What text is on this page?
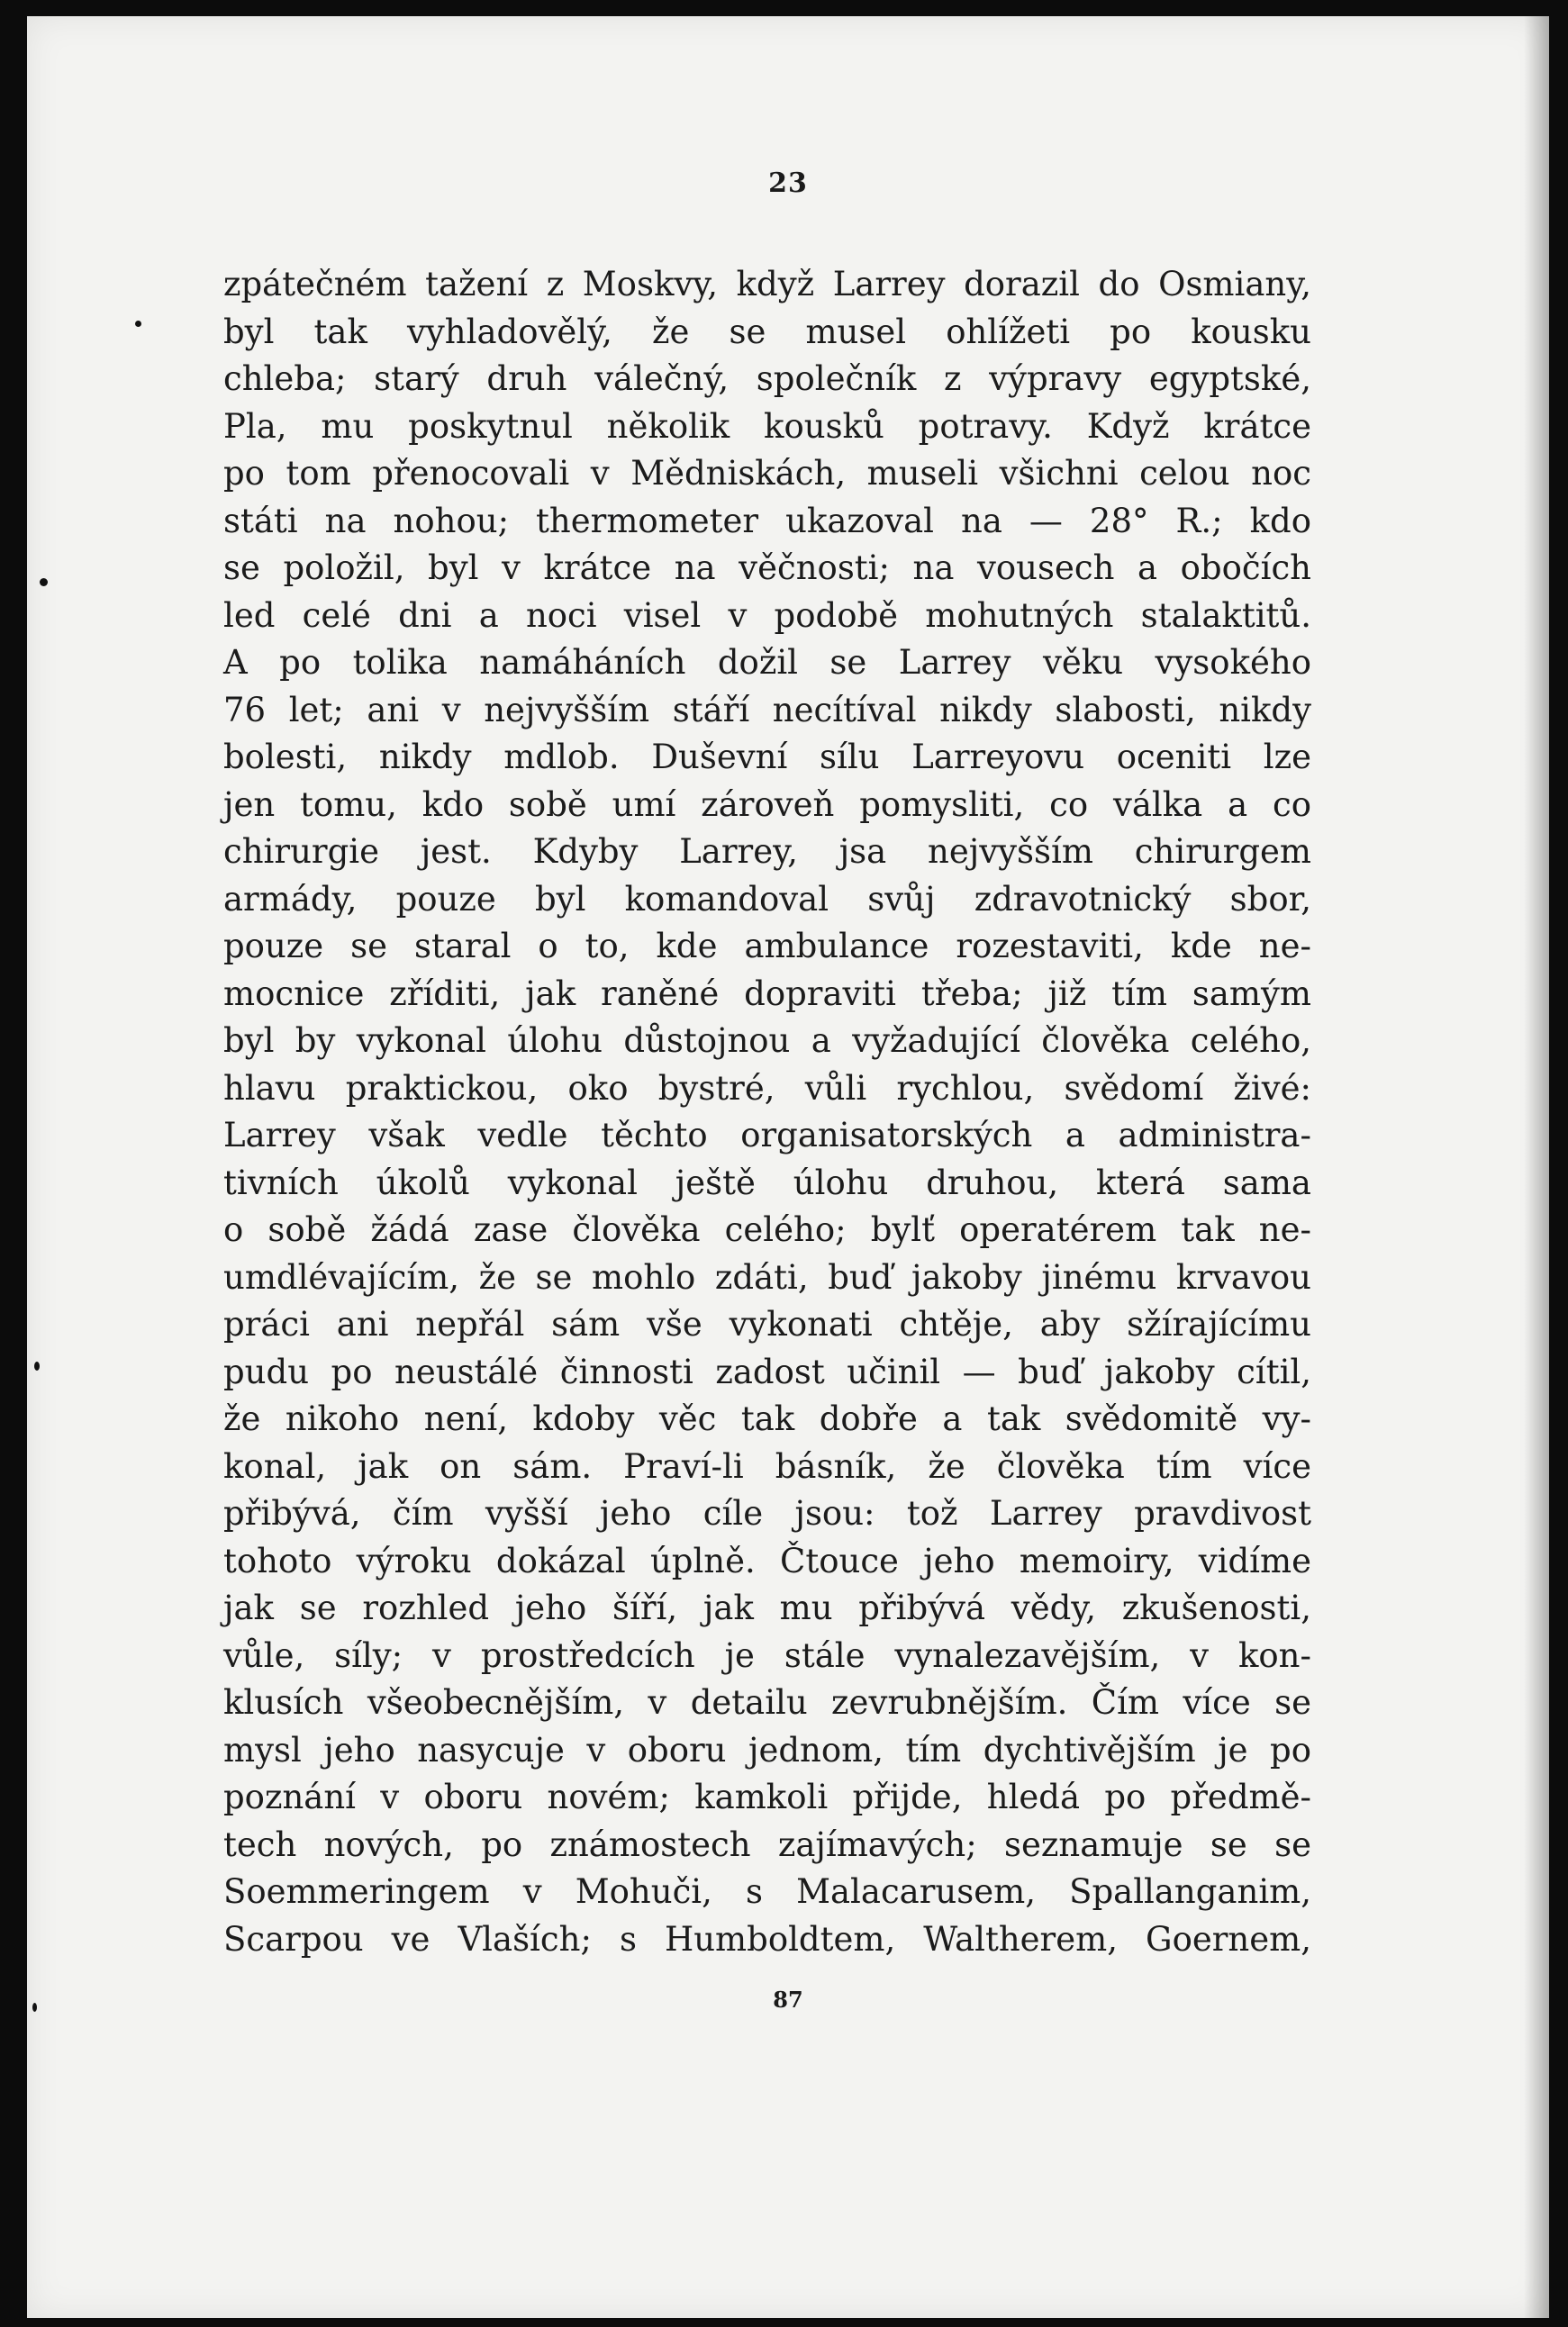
23
zpátečném tažení z Moskvy, když Larrey dorazil do Osmiany,
byl tak vyhladovělý, že se musel ohlížeti po kousku
chleba; starý druh válečný, společník z výpravy egyptské,
Pla, mu poskytnul několik kousků potravy. Když krátce
po tom přenocovali v Mědniskách, museli všichni celou noc
státi na nohou; thermometer ukazoval na — 28° R.; kdo
se položil, byl v krátce na věčnosti; na vousech a obočích
led celé dni a noci visel v podobě mohutných stalaktitů.
A po tolika namáháních dožil se Larrey věku vysokého
76 let; ani v nejvyšším stáří necítíval nikdy slabosti, nikdy
bolesti, nikdy mdlob. Duševní sílu Larreyovu oceniti lze
jen tomu, kdo sobě umí zároveň pomysliti, co válka a co
chirurgie jest. Kdyby Larrey, jsa nejvyšším chirurgem
armády, pouze byl komandoval svůj zdravotnický sbor,
pouze se staral o to, kde ambulance rozestaviti, kde ne-
mocnice zříditi, jak raněné dopraviti třeba; již tím samým
byl by vykonal úlohu důstojnou a vyžadující člověka celého,
hlavu praktickou, oko bystré, vůli rychlou, svědomí živé:
Larrey však vedle těchto organisatorských a administra-
tivních úkolů vykonal ještě úlohu druhou, která sama
o sobě žádá zase člověka celého; bylť operatérem tak ne-
umdlévajícím, že se mohlo zdáti, buď jakoby jinému krvavou
práci ani nepřál sám vše vykonati chtěje, aby sžírajícímu
pudu po neustálé činnosti zadost učinil — buď jakoby cítil,
že nikoho není, kdoby věc tak dobře a tak svědomitě vy-
konal, jak on sám. Praví-li básník, že člověka tím více
přibývá, čím vyšší jeho cíle jsou: tož Larrey pravdivost
tohoto výroku dokázal úplně. Čtouce jeho memoiry, vidíme
jak se rozhled jeho šíří, jak mu přibývá vědy, zkušenosti,
vůle, síly; v prostředcích je stále vynalezavějším, v kon-
klusích všeobecnějším, v detailu zevrubnějším. Čím více se
mysl jeho nasycuje v oboru jednom, tím dychtivějším je po
poznání v oboru novém; kamkoli přijde, hledá po předmě-
tech nových, po známostech zajímavých; seznamuje se se
Soemmeringem v Mohuči, s Malacarusem, Spallanganim,
Scarpou ve Vlaších; s Humboldtem, Waltherem, Goernem,
87
